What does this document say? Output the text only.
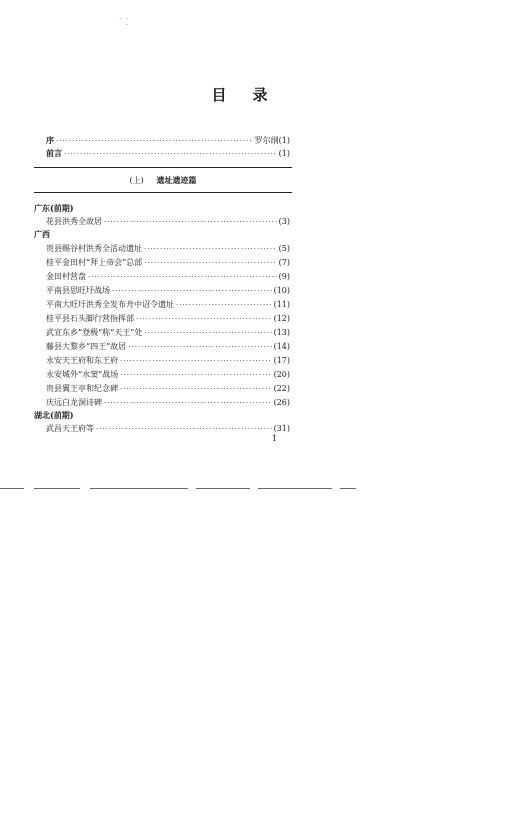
˙ ⁚
目录
序 ·····	罗尔纲(1)
前言 ·····	(1)
(上) 遗址遗迹篇
广东(前期)
花县洪秀全故居 ·····	(3)
广西
贵县赐谷村洪秀全活动遗址 ·····	(5)
桂平金田村“拜上帝会”总部 ·····	(7)
金田村营盘 ·····	(9)
平南县思旺圩战场 ·····	(10)
平南大旺圩洪秀全发布舟中诏令遗址 ·····	(11)
桂平县石头脚行营指挥部 ·····	(12)
武宣东乡“登极”称“天王”处 ·····	(13)
藤县大黎乡“四王”故居 ·····	(14)
永安天王府和东王府 ·····	(17)
永安城外“水窦”战场 ·····	(20)
贵县翼王亭和纪念碑 ·····	(22)
庆远白龙洞诗碑 ·····	(26)
湖北(前期)
武昌天王府等 ·····	(31)
1
